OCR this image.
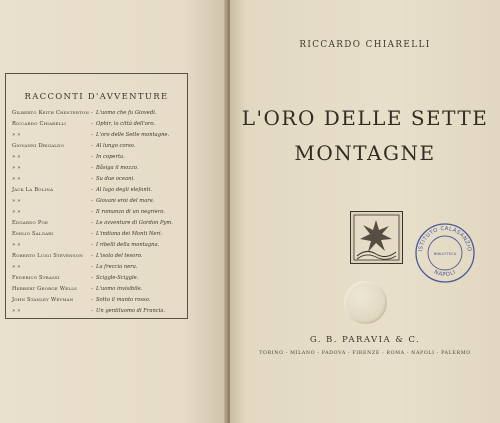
RACCONTI D'AVVENTURE
Gilberto Keith Chesterton - L'uomo che fu Giovedì.
Riccardo Chiarelli	- Ophir, la città dell'oro.
» »	- L'oro delle Sette montagne.
Giovanni Drigaldo	- Al lungo corso.
» »	- In coperta.
» »	- Båsiga il mozzo.
» »	- Su due oceani.
Jack La Bolina	- Al lago degli elefanti.
» »	- Giovani eroi del mare.
» »	- Il romanzo di un negriero.
Edgardo Poe	- Le avventure di Gordon Pym.
Emilio Salgari	- L'indiana dei Monti Neri.
» »	- I ribelli della montagna.
Roberto Luigi Stevenson - L'isola del tesoro.
» »	- La freccia nera.
Federico Strassi	- Sciggle-Sciggle.
Herbert George Wells	- L'uomo invisibile.
John Stanley Weyman	- Sotto il manto rosso.
» »	- Un gentiluomo di Francia.
RICCARDO CHIARELLI
L'ORO DELLE SETTE
MONTAGNE
ISTITUTO CALASANZIO
NAPOLI
BIBLIOTECA
G. B. PARAVIA & C.
TORINO - MILANO - PADOVA - FIRENZE - ROMA - NAPOLI - PALERMO
